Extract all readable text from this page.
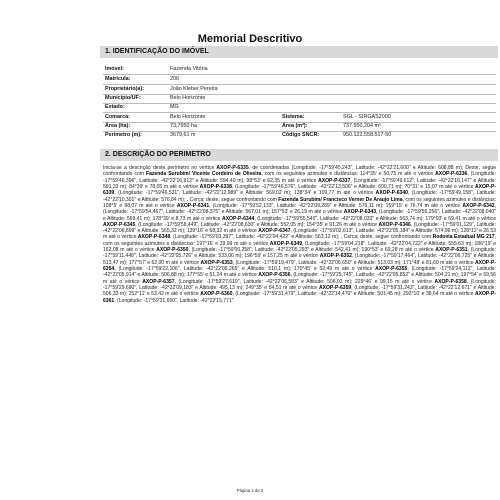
Memorial Descritivo
1. IDENTIFICAÇÃO DO IMÓVEL
Imóvel:	Fazenda Vitória
Matrícula:	206
Proprietário(a):	João Kleber Pereira
Município/UF:	Belo Horizonte
Estado:	MG
Comarca:	Belo Horizonte	Sistema:	SGL - SIRGAS2000
Área (ha):	73,7950 ha	Área (m²):	737.950,204 m²
Perímetro (m):	3679,61 m	Código SNCR:	950.122.558.517-50
2. DESCRIÇÃO DO PERIMETRO
Inicia-se a descrição deste perímetro no vértice AXOP-P-6335, de coordenadas (Longitude: -17°59'45,243", Latitude: -42°22'21,600" e Altitude: 608,88 m); Deste, segue confrontando com Fazenda Surubim/ Vicente Cordeiro de Oliveira, com os seguintes azimutes e distâncias: 114°35' e 50,75 m até o vértice AXOP-P-6336, (Longitude: -17°59'46,396", Latitude: -42°22'16,912" e Altitude: 594,40 m); 98°53' e 62,35 m até o vértice AXOP-P-6337, (Longitude: -17°59'49,612", Latitude: -42°22'16,147" e Altitude: 591,33 m); 84°39' e 78,05 m até o vértice AXOP-P-6338, (Longitude: -17°59'46,576", Latitude: -42°22'13,506" e Altitude: 600,71 m); 70°31' e 15,07 m até o vértice AXOP-P-6339, (Longitude: -17°59'46,531", Latitude: -42°22'12,989" e Altitude: 569,02 m); 138°34' e 109,77 m até o vértice AXOP-P-6340, (Longitude: -17°59'49,158", Latitude: -42°22'10,301" e Altitude: 576,84 m); . Cerca; deste, segue confrontando com Fazenda Surubim/ Francisco Verner De Araujo Lima, com os seguintes azimutes e distâncias: 108°5' e 98,07 m até o vértice AXOP-P-6341, (Longitude: -17°59'52,133", Latitude: -42°22'09,289" e Altitude: 576,11 m); 159°15' e 76,74 m até o vértice AXOP-P-6342, (Longitude: -17°59'54,467", Latitude: -42°22'08,375" e Altitude: 567,01 m); 157°53' e 26,19 m até o vértice AXOP-P-6343, (Longitude: -17°59'55,256", Latitude: -42°22'08,040" e Altitude: 569,41 m); 178°39' e 8,73 m até o vértice AXOP-P-6344, (Longitude: -17°59'55,540", Latitude: -42°22'08,033" e Altitude: 563,74 m); 179°03' e 69,41 m até o vértice AXOP-P-6345, (Longitude: -17°59'58,449", Latitude: -42°22'08,630" e Altitude: 552,05 m); 154°35' e 91,26 m até o vértice AXOP-P-6346, (Longitude: -17°59'01,129", Latitude: -42°22'06,899" e Altitude: 565,32 m); 139°16' e 68,32 m até o vértice AXOP-P-6347, (Longitude: -17°59'02,613", Latitude: -42°22'05,184" e Altitude: 574,99 m); 128°12' e 26,53 m até o vértice AXOP-P-6348, (Longitude: -17°59'03,397", Latitude: -42°22'04,422" e Altitude: 563,12 m); . Cerca; deste, segue confrontando com Rodovia Estadual MG 217, com os seguintes azimutes e distâncias: 197°16' e 29,99 m até o vértice AXOP-P-6349, (Longitude: -17°59'04,218", Latitude: -42°22'04,722" e Altitude: 555,63 m); 186°19' e 162,08 m até o vértice AXOP-P-6350, (Longitude: -17°59'00,258", Latitude: -42°22'05,293" e Altitude: 542,41 m); 190°53' e 69,28 m até o vértice AXOP-P-6351, (Longitude: -17°59'11,448", Latitude: -42°22'05,726" e Altitude: 533,06 m); 196°59' e 157,25 m até o vértice AXOP-P-6352, (Longitude: -17°59'17,464", Latitude: -42°22'06,725" e Altitude: 513,47 m); 177°57' e 62,00 m até o vértice AXOP-P-6353, (Longitude: -17°59'19,479", Latitude: -42°22'06,650" e Altitude: 513,03 m); 171°48' e 81,60 m até o vértice AXOP-P-6354, (Longitude: -17°59'22,106", Latitude: -42°22'06,265" e Altitude: 510,1 m); 170°45' e 52,49 m até o vértice AXOP-P-6355, (Longitude: -17°59'24,112", Latitude: -42°22'05,914" e Altitude: 506,88 m); 177°55' e 51,24 m até o vértice AXOP-P-6356, (Longitude: -17°59'25,745", Latitude: -42°22'05,852" e Altitude: 504,21 m); 197°54' e 59,56 m até o vértice AXOP-P-6357, (Longitude: -17°59'27,610", Latitude: -42°22'06,583" e Altitude: 506,02 m); 229°46' e 99,15 m até o vértice AXOP-P-6358, (Longitude: -17°59'29,690", Latitude: -42°22'09,183" e Altitude: 495,13 m); 249°35' e 84,51 m até o vértice AXOP-P-6359, (Longitude: -17°59'31,243", Latitude: -42°22'12,671" e Altitude: 506,33 m); 252°11' e 53,42 m até o vértice AXOP-P-6360, (Longitude: -17°59'31,479", Latitude: -42°22'14,470" e Altitude: 501,45 m); 292°10' e 38,64 m até o vértice AXOP-P-6361, (Longitude: -17°59'31,650", Latitude: -42°22'15,771"
Página 1 de 3
